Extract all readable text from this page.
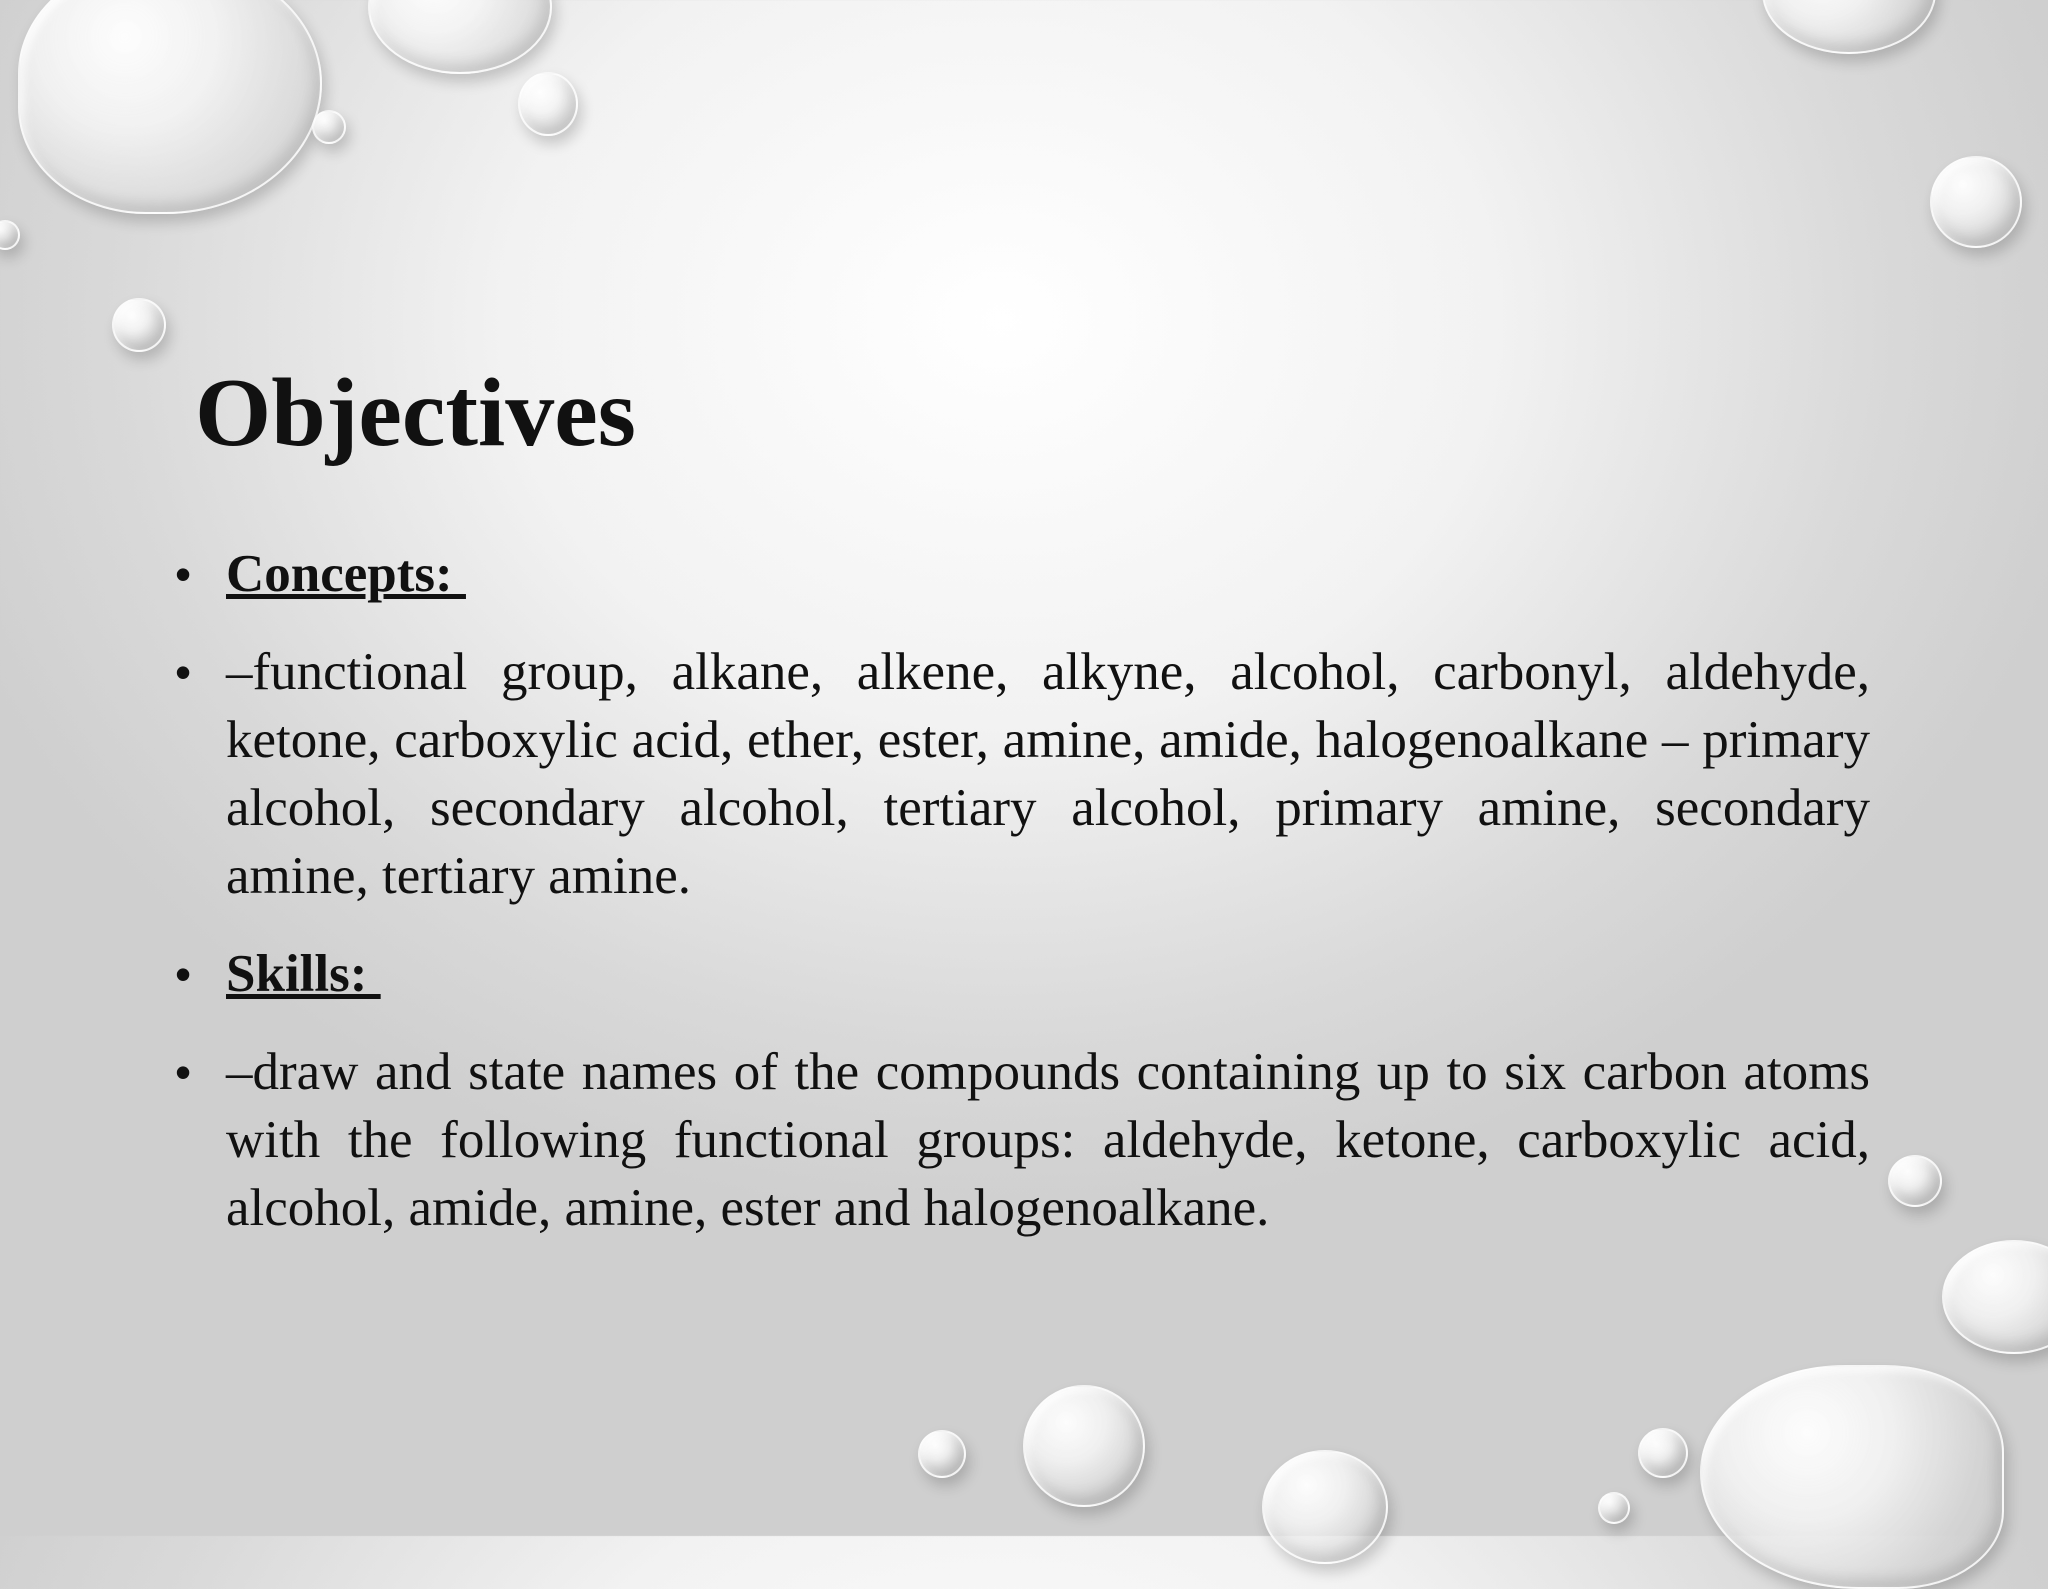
Objectives
• Concepts:
• –functional group, alkane, alkene, alkyne, alcohol, carbonyl, aldehyde, ketone, carboxylic acid, ether, ester, amine, amide, halogenoalkane – primary alcohol, secondary alcohol, tertiary alcohol, primary amine, secondary amine, tertiary amine.
• Skills:
• –draw and state names of the compounds containing up to six carbon atoms with the following functional groups: aldehyde, ketone, carboxylic acid, alcohol, amide, amine, ester and halogenoalkane.
